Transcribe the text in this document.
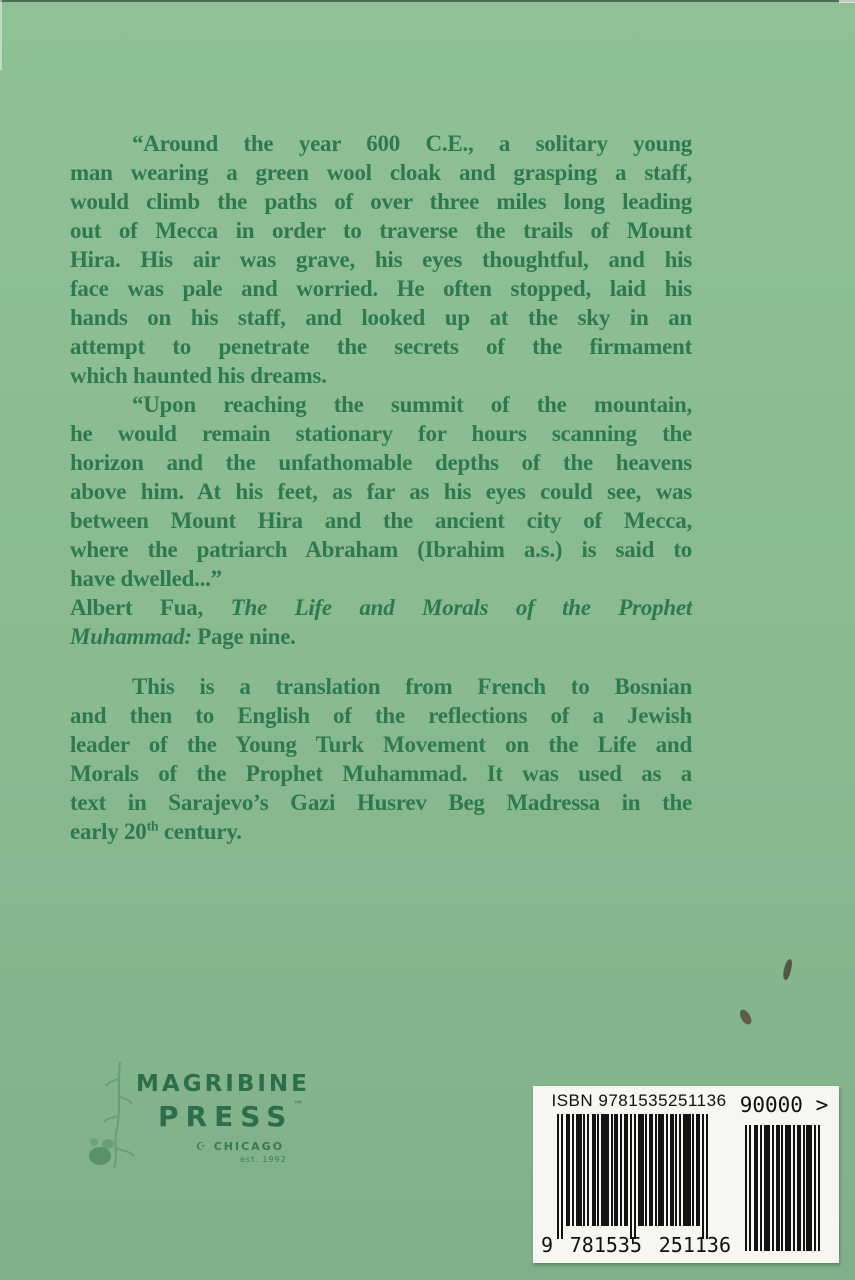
“Around the year 600 C.E., a solitary young
man wearing a green wool cloak and grasping a staff,
would climb the paths of over three miles long leading
out of Mecca in order to traverse the trails of Mount
Hira. His air was grave, his eyes thoughtful, and his
face was pale and worried. He often stopped, laid his
hands on his staff, and looked up at the sky in an
attempt to penetrate the secrets of the firmament
which haunted his dreams.
“Upon reaching the summit of the mountain,
he would remain stationary for hours scanning the
horizon and the unfathomable depths of the heavens
above him. At his feet, as far as his eyes could see, was
between Mount Hira and the ancient city of Mecca,
where the patriarch Abraham (Ibrahim a.s.) is said to
have dwelled...”
Albert Fua, The Life and Morals of the Prophet
Muhammad: Page nine.
This is a translation from French to Bosnian
and then to English of the reflections of a Jewish
leader of the Young Turk Movement on the Life and
Morals of the Prophet Muhammad. It was used as a
text in Sarajevo’s Gazi Husrev Beg Madressa in the
early 20th century.
MAGRIBINE
PRESS™
☪ CHICAGO
est. 1992
ISBN 9781535251136
9 781535 251136
90000 >
